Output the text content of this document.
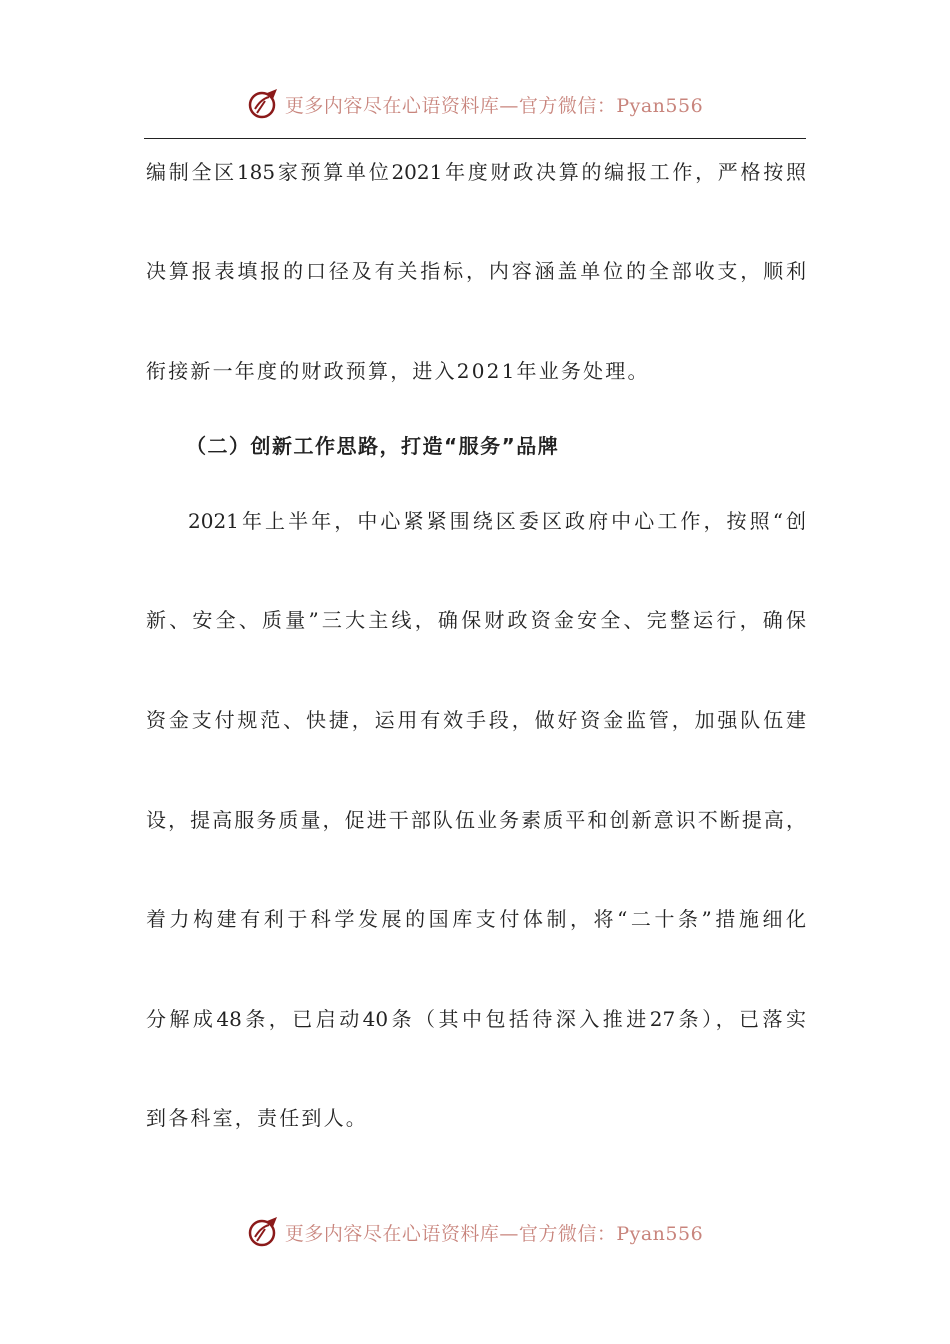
更多内容尽在心语资料库—官方微信：Pyan556
编制全区185家预算单位2021年度财政决算的编报工作，严格按照
决算报表填报的口径及有关指标，内容涵盖单位的全部收支，顺利
衔接新一年度的财政预算，进入2021年业务处理。
（二）创新工作思路，打造“服务”品牌
2021年上半年，中心紧紧围绕区委区政府中心工作，按照“创
新、安全、质量”三大主线，确保财政资金安全、完整运行，确保
资金支付规范、快捷，运用有效手段，做好资金监管，加强队伍建
设，提高服务质量，促进干部队伍业务素质平和创新意识不断提高，
着力构建有利于科学发展的国库支付体制，将“二十条”措施细化
分解成48条，已启动40条（其中包括待深入推进27条），已落实
到各科室，责任到人。
更多内容尽在心语资料库—官方微信：Pyan556
